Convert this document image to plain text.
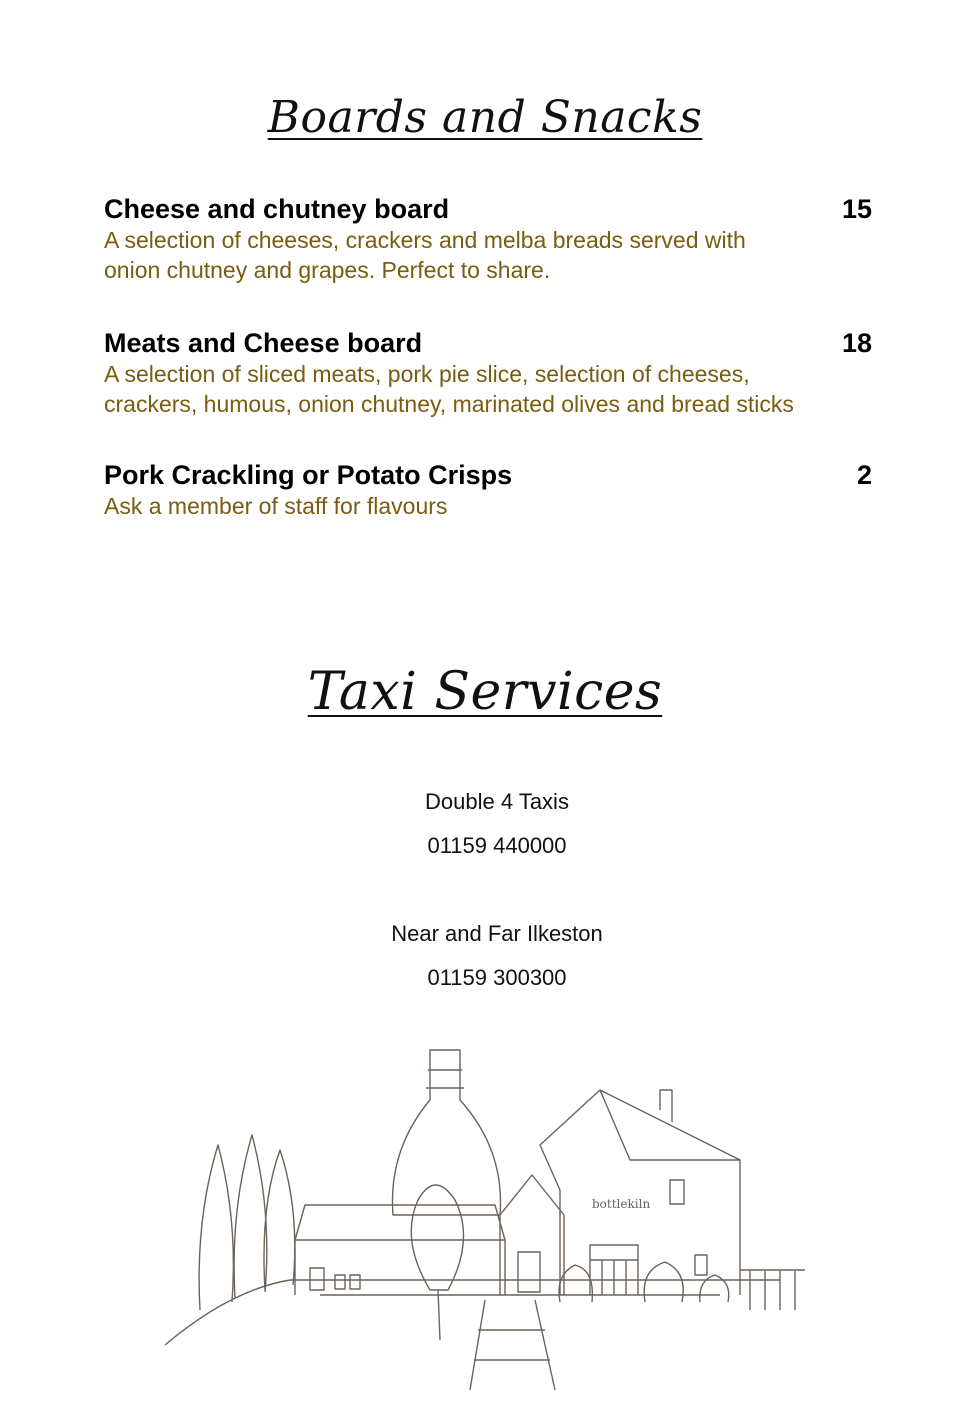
Boards and Snacks
Cheese and chutney board	15
A selection of cheeses, crackers and melba breads served with
onion chutney and grapes. Perfect to share.
Meats and Cheese board	18
A selection of sliced meats, pork pie slice, selection of cheeses,
crackers, humous, onion chutney, marinated olives and bread sticks
Pork Crackling or Potato Crisps	2
Ask a member of staff for flavours
Taxi Services
Double 4 Taxis
01159 440000
Near and Far Ilkeston
01159 300300
bottlekiln
